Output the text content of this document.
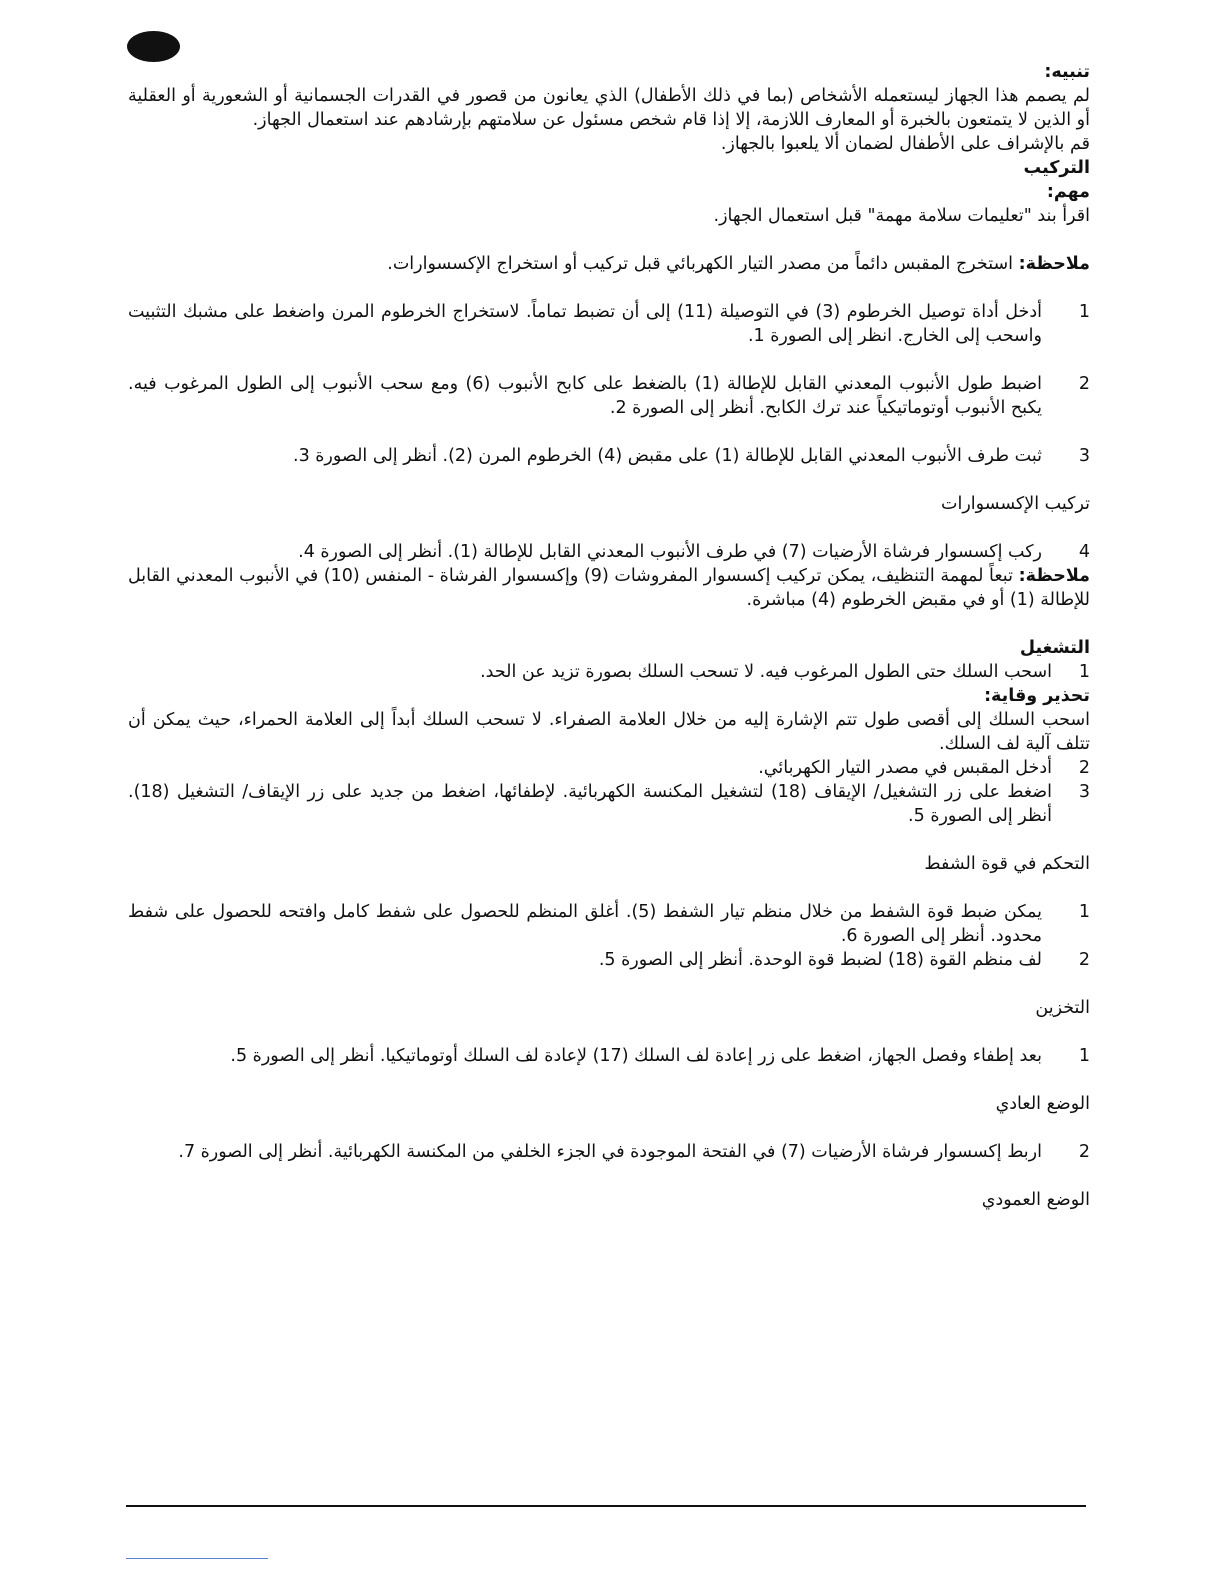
تنبيه:

لم يصمم هذا الجهاز ليستعمله الأشخاص (بما في ذلك الأطفال) الذي يعانون من قصور في القدرات الجسمانية أو الشعورية أو العقلية أو الذين لا يتمتعون بالخبرة أو المعارف اللازمة، إلا إذا قام شخص مسئول عن سلامتهم بإرشادهم عند استعمال الجهاز.

قم بالإشراف على الأطفال لضمان ألا يلعبوا بالجهاز.

التركيب

مهم:

اقرأ بند "تعليمات سلامة مهمة" قبل استعمال الجهاز.

ملاحظة: استخرج المقبس دائماً من مصدر التيار الكهربائي قبل تركيب أو استخراج الإكسسوارات.

1
أدخل أداة توصيل الخرطوم (3) في التوصيلة (11) إلى أن تضبط تماماً. لاستخراج الخرطوم المرن واضغط على مشبك التثبيت واسحب إلى الخارج. انظر إلى الصورة 1.
2
اضبط طول الأنبوب المعدني القابل للإطالة (1) بالضغط على كابح الأنبوب (6) ومع سحب الأنبوب إلى الطول المرغوب فيه. يكبح الأنبوب أوتوماتيكياً عند ترك الكابح. أنظر إلى الصورة 2.
3
ثبت طرف الأنبوب المعدني القابل للإطالة (1) على مقبض (4) الخرطوم المرن (2). أنظر إلى الصورة 3.

تركيب الإكسسوارات

4
ركب إكسسوار فرشاة الأرضيات (7) في طرف الأنبوب المعدني القابل للإطالة (1). أنظر إلى الصورة 4.

ملاحظة: تبعاً لمهمة التنظيف، يمكن تركيب إكسسوار المفروشات (9) وإكسسوار الفرشاة - المنفس (10) في الأنبوب المعدني القابل للإطالة (1) أو في مقبض الخرطوم (4) مباشرة.

التشغيل

1
اسحب السلك حتى الطول المرغوب فيه. لا تسحب السلك بصورة تزيد عن الحد.

تحذير وقاية:

اسحب السلك إلى أقصى طول تتم الإشارة إليه من خلال العلامة الصفراء. لا تسحب السلك أبداً إلى العلامة الحمراء، حيث يمكن أن تتلف آلية لف السلك.

2
أدخل المقبس في مصدر التيار الكهربائي.
3
اضغط على زر التشغيل/ الإيقاف (18) لتشغيل المكنسة الكهربائية. لإطفائها، اضغط من جديد على زر الإيقاف/ التشغيل (18). أنظر إلى الصورة 5.

التحكم في قوة الشفط

1
يمكن ضبط قوة الشفط من خلال منظم تيار الشفط (5). أغلق المنظم للحصول على شفط كامل وافتحه للحصول على شفط محدود. أنظر إلى الصورة 6.
2
لف منظم القوة (18) لضبط قوة الوحدة. أنظر إلى الصورة 5.

التخزين

1
بعد إطفاء وفصل الجهاز، اضغط على زر إعادة لف السلك (17) لإعادة لف السلك أوتوماتيكيا. أنظر إلى الصورة 5.

الوضع العادي

2
اربط إكسسوار فرشاة الأرضيات (7) في الفتحة الموجودة في الجزء الخلفي من المكنسة الكهربائية. أنظر إلى الصورة 7.

الوضع العمودي
